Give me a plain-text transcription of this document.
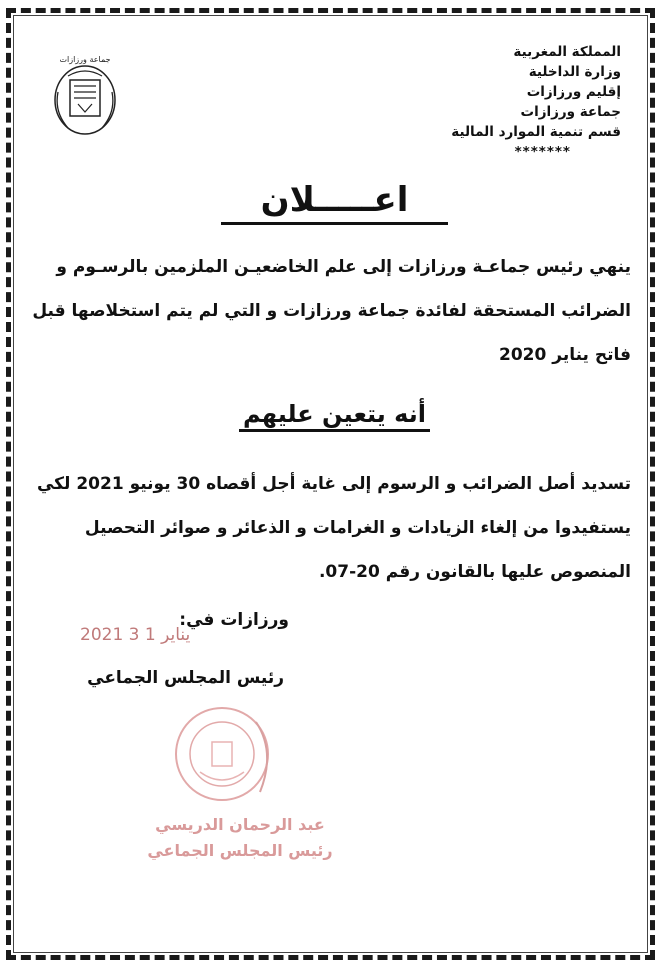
المملكة المغربية
وزارة الداخلية
إقليم ورزازات
جماعة ورزازات
قسم تنمية الموارد المالية
*******
جماعة ورزازات
اعـــــلان
ينهي رئيس جماعـة ورزازات إلى علم الخاضعيـن الملزمين بالرسـوم و الضرائب المستحقة لفائدة جماعة ورزازات و التي لم يتم استخلاصها قبل فاتح يناير 2020
أنه يتعين عليهم
تسديد أصل الضرائب و الرسوم إلى غاية أجل أقصاه 30 يونيو 2021 لكي يستفيدوا من إلغاء الزيادات و الغرامات و الذعائر و صوائر التحصيل المنصوص عليها بالقانون رقم 20-07.
ورزازات في:
2021 يناير 1 3
رئيس المجلس الجماعي
عبد الرحمان الدريسي
رئيس المجلس الجماعي
